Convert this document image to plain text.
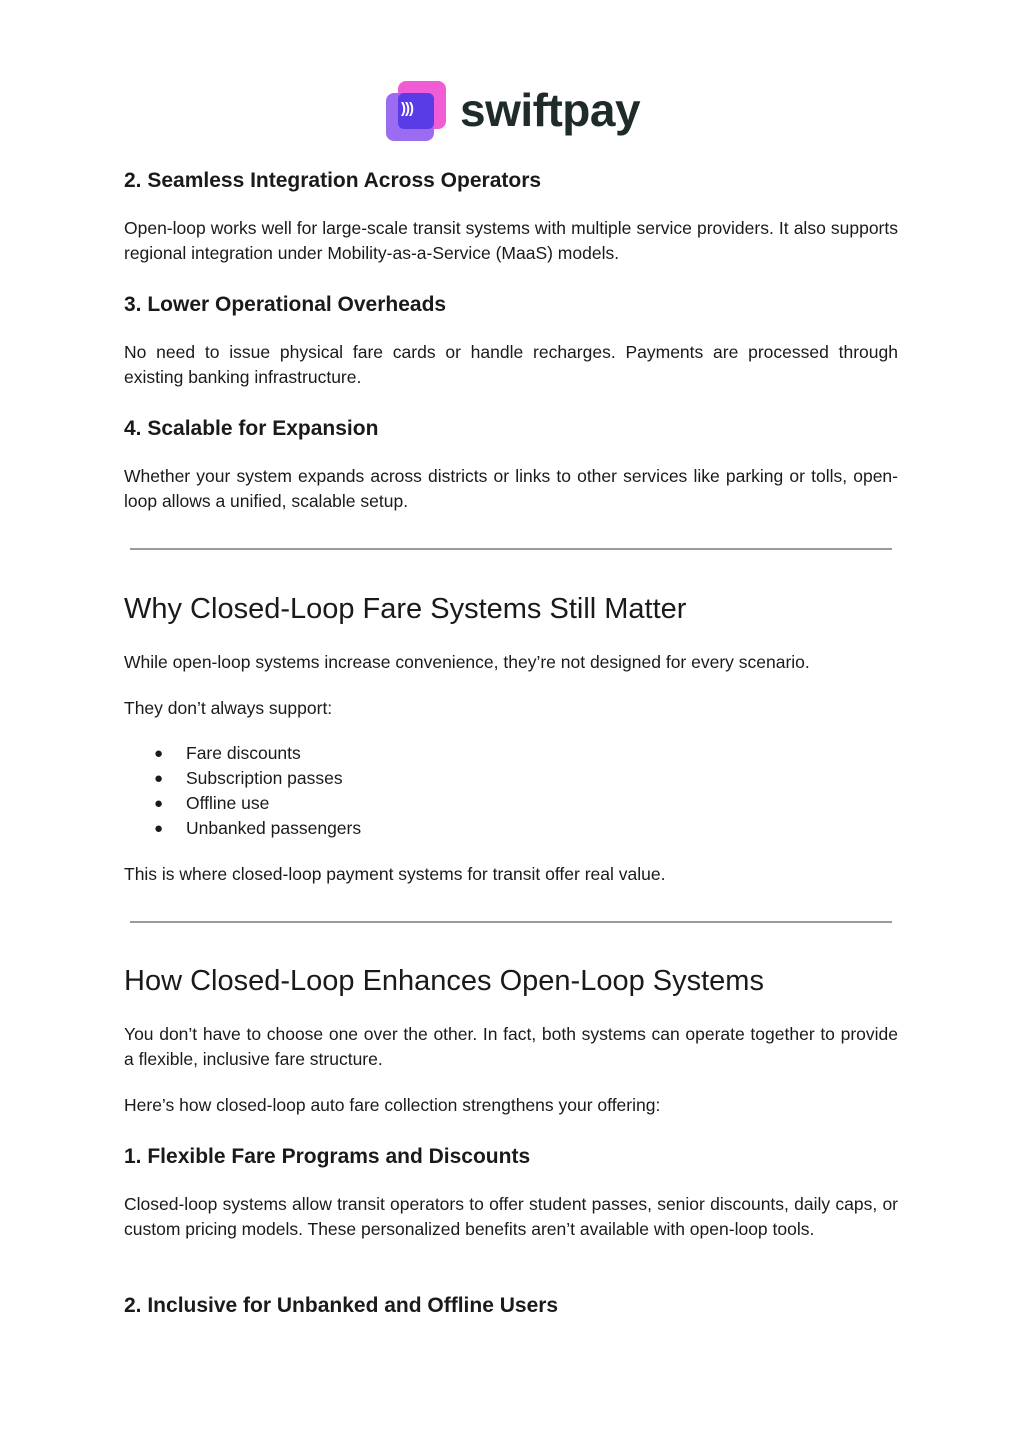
))) swiftpay
2. Seamless Integration Across Operators

Open-loop works well for large-scale transit systems with multiple service providers. It also supports regional integration under Mobility-as-a-Service (MaaS) models.

3. Lower Operational Overheads

No need to issue physical fare cards or handle recharges. Payments are processed through existing banking infrastructure.

4. Scalable for Expansion

Whether your system expands across districts or links to other services like parking or tolls, open-loop allows a unified, scalable setup.

Why Closed-Loop Fare Systems Still Matter

While open-loop systems increase convenience, they’re not designed for every scenario.

They don’t always support:

● Fare discounts
● Subscription passes
● Offline use
● Unbanked passengers

This is where closed-loop payment systems for transit offer real value.

How Closed-Loop Enhances Open-Loop Systems

You don’t have to choose one over the other. In fact, both systems can operate together to provide a flexible, inclusive fare structure.

Here’s how closed-loop auto fare collection strengthens your offering:

1. Flexible Fare Programs and Discounts

Closed-loop systems allow transit operators to offer student passes, senior discounts, daily caps, or custom pricing models. These personalized benefits aren’t available with open-loop tools.

2. Inclusive for Unbanked and Offline Users
